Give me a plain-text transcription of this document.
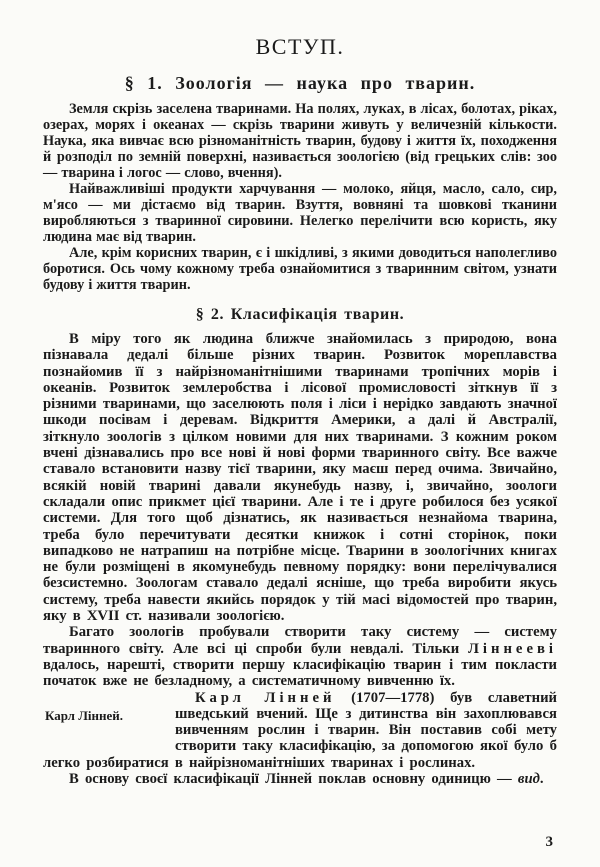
ВСТУП.
§ 1. Зоологія — наука про тварин.

Земля скрізь заселена тваринами. На полях, луках, в лісах, болотах, ріках, озерах, морях і океанах — скрізь тварини живуть у величезній кількости. Наука, яка вивчає всю різноманітність тварин, будову і життя їх, походження й розподіл по земній поверхні, називається зоологією (від грецьких слів: зоо — тварина і логос — слово, вчення).

Найважливіші продукти харчування — молоко, яйця, масло, сало, сир, м'ясо — ми дістаємо від тварин. Взуття, вовняні та шовкові тканини виробляються з тваринної сировини. Нелегко перелічити всю користь, яку людина має від тварин.

Але, крім корисних тварин, є і шкідливі, з якими доводиться наполегливо боротися. Ось чому кожному треба ознайомитися з тваринним світом, узнати будову і життя тварин.

§ 2. Класифікація тварин.

В міру того як людина ближче знайомилась з природою, вона пізнавала дедалі більше різних тварин. Розвиток мореплавства познайомив її з найрізноманітнішими тваринами тропічних морів і океанів. Розвиток землеробства і лісової промисловості зіткнув її з різними тваринами, що заселюють поля і ліси і нерідко завдають значної шкоди посівам і деревам. Відкриття Америки, а далі й Австралії, зіткнуло зоологів з цілком новими для них тваринами. З кожним роком вчені дізнавались про все нові й нові форми тваринного світу. Все важче ставало встановити назву тієї тварини, яку маєш перед очима. Звичайно, всякій новій тварині давали якунебудь назву, і, звичайно, зоологи складали опис прикмет цієї тварини. Але і те і друге робилося без усякої системи. Для того щоб дізнатись, як називається незнайома тварина, треба було перечитувати десятки книжок і сотні сторінок, поки випадково не натрапиш на потрібне місце. Тварини в зоологічних книгах не були розміщені в якомунебудь певному порядку: вони перелічувалися безсистемно. Зоологам ставало дедалі ясніше, що треба виробити якусь систему, треба навести якийсь порядок у тій масі відомостей про тварин, яку в XVII ст. називали зоологією.

Багато зоологів пробували створити таку систему — систему тваринного світу. Але всі ці спроби були невдалі. Тільки Ліннееві вдалось, нарешті, створити першу класифікацію тварин і тим покласти початок вже не безладному, а систематичному вивченню їх.

Карл Лінней.
Карл Лінней (1707—1778) був славетний шведський вчений. Ще з дитинства він захоплювався вивченням рослин і тварин. Він поставив собі мету створити таку класифікацію, за допомогою якої було б легко розбиратися в найрізноманітніших тваринах і рослинах.

В основу своєї класифікації Лінней поклав основну одиницю — вид.

3
